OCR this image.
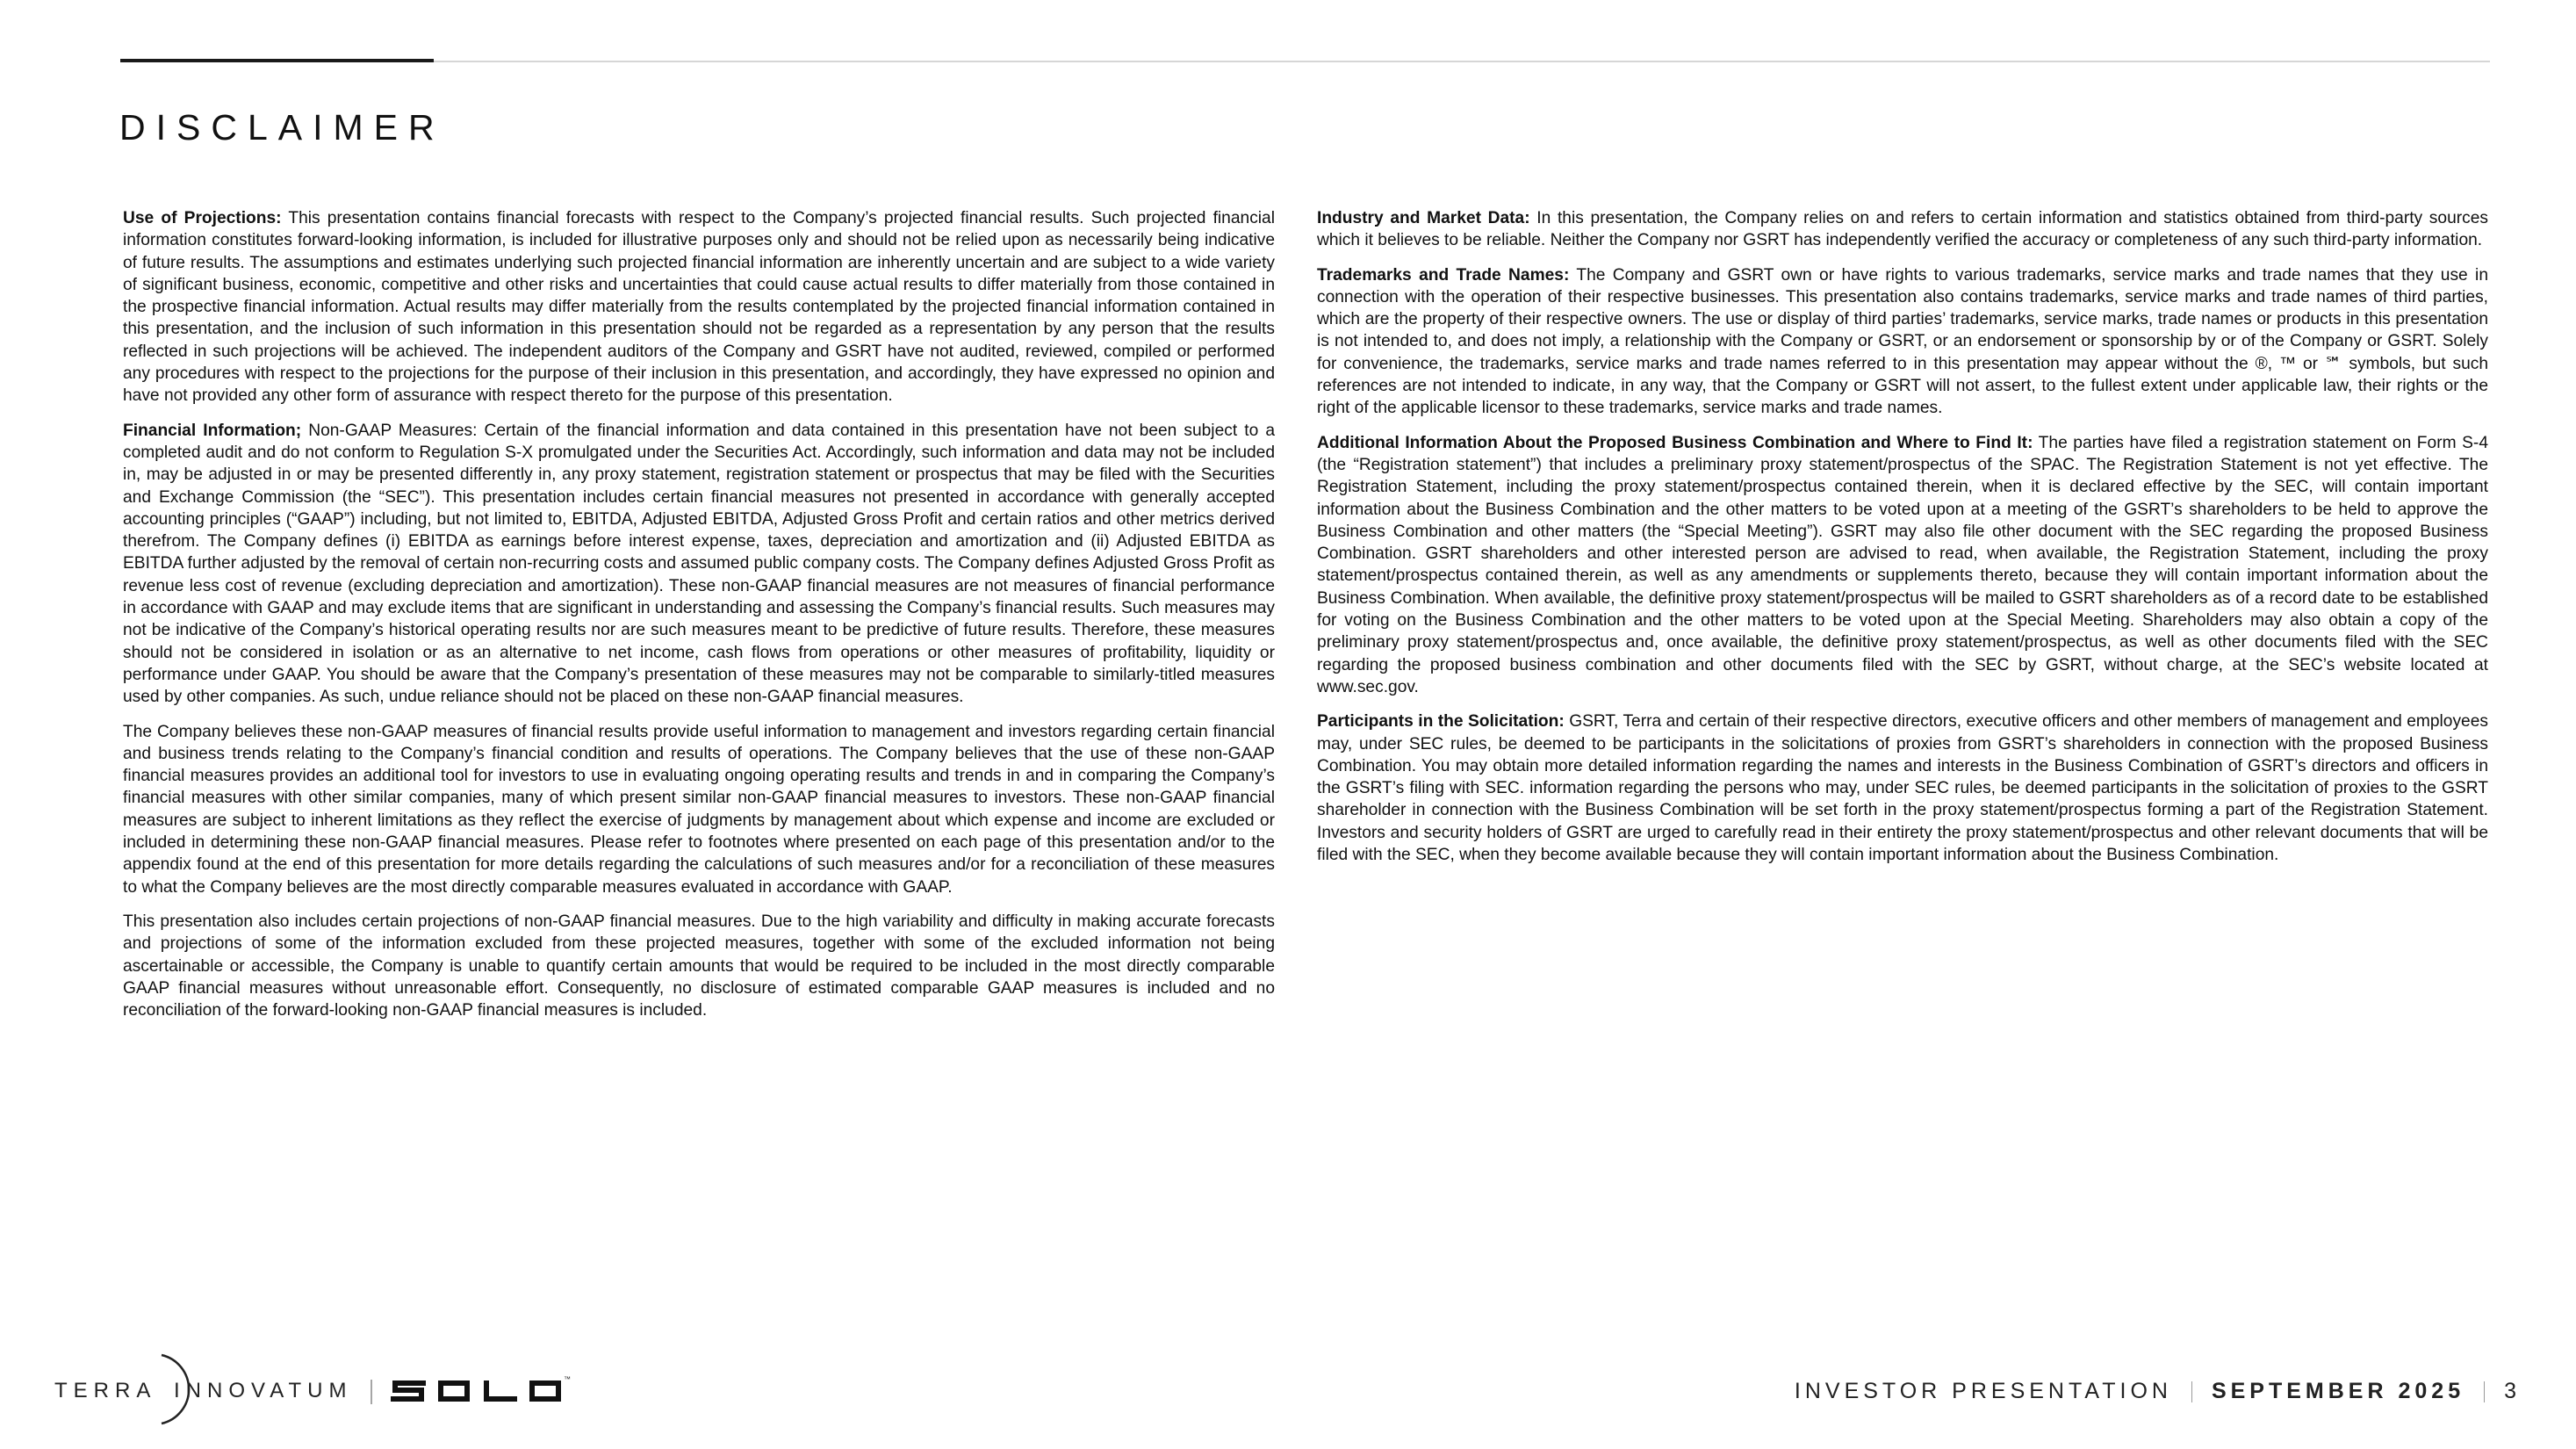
DISCLAIMER

Use of Projections: This presentation contains financial forecasts with respect to the Company’s projected financial results. Such projected financial information constitutes forward-looking information, is included for illustrative purposes only and should not be relied upon as necessarily being indicative of future results. The assumptions and estimates underlying such projected financial information are inherently uncertain and are subject to a wide variety of significant business, economic, competitive and other risks and uncertainties that could cause actual results to differ materially from those contained in the prospective financial information. Actual results may differ materially from the results contemplated by the projected financial information contained in this presentation, and the inclusion of such information in this presentation should not be regarded as a representation by any person that the results reflected in such projections will be achieved. The independent auditors of the Company and GSRT have not audited, reviewed, compiled or performed any procedures with respect to the projections for the purpose of their inclusion in this presentation, and accordingly, they have expressed no opinion and have not provided any other form of assurance with respect thereto for the purpose of this presentation.

Financial Information; Non-GAAP Measures: Certain of the financial information and data contained in this presentation have not been subject to a completed audit and do not conform to Regulation S-X promulgated under the Securities Act. Accordingly, such information and data may not be included in, may be adjusted in or may be presented differently in, any proxy statement, registration statement or prospectus that may be filed with the Securities and Exchange Commission (the “SEC”). This presentation includes certain financial measures not presented in accordance with generally accepted accounting principles (“GAAP”) including, but not limited to, EBITDA, Adjusted EBITDA, Adjusted Gross Profit and certain ratios and other metrics derived therefrom. The Company defines (i) EBITDA as earnings before interest expense, taxes, depreciation and amortization and (ii) Adjusted EBITDA as EBITDA further adjusted by the removal of certain non-recurring costs and assumed public company costs. The Company defines Adjusted Gross Profit as revenue less cost of revenue (excluding depreciation and amortization). These non-GAAP financial measures are not measures of financial performance in accordance with GAAP and may exclude items that are significant in understanding and assessing the Company’s financial results. Such measures may not be indicative of the Company’s historical operating results nor are such measures meant to be predictive of future results. Therefore, these measures should not be considered in isolation or as an alternative to net income, cash flows from operations or other measures of profitability, liquidity or performance under GAAP. You should be aware that the Company’s presentation of these measures may not be comparable to similarly-titled measures used by other companies. As such, undue reliance should not be placed on these non-GAAP financial measures.

The Company believes these non-GAAP measures of financial results provide useful information to management and investors regarding certain financial and business trends relating to the Company’s financial condition and results of operations. The Company believes that the use of these non-GAAP financial measures provides an additional tool for investors to use in evaluating ongoing operating results and trends in and in comparing the Company’s financial measures with other similar companies, many of which present similar non-GAAP financial measures to investors. These non-GAAP financial measures are subject to inherent limitations as they reflect the exercise of judgments by management about which expense and income are excluded or included in determining these non-GAAP financial measures. Please refer to footnotes where presented on each page of this presentation and/or to the appendix found at the end of this presentation for more details regarding the calculations of such measures and/or for a reconciliation of these measures to what the Company believes are the most directly comparable measures evaluated in accordance with GAAP.

This presentation also includes certain projections of non-GAAP financial measures. Due to the high variability and difficulty in making accurate forecasts and projections of some of the information excluded from these projected measures, together with some of the excluded information not being ascertainable or accessible, the Company is unable to quantify certain amounts that would be required to be included in the most directly comparable GAAP financial measures without unreasonable effort. Consequently, no disclosure of estimated comparable GAAP measures is included and no reconciliation of the forward-looking non-GAAP financial measures is included.

Industry and Market Data: In this presentation, the Company relies on and refers to certain information and statistics obtained from third-party sources which it believes to be reliable. Neither the Company nor GSRT has independently verified the accuracy or completeness of any such third-party information.

Trademarks and Trade Names: The Company and GSRT own or have rights to various trademarks, service marks and trade names that they use in connection with the operation of their respective businesses. This presentation also contains trademarks, service marks and trade names of third parties, which are the property of their respective owners. The use or display of third parties’ trademarks, service marks, trade names or products in this presentation is not intended to, and does not imply, a relationship with the Company or GSRT, or an endorsement or sponsorship by or of the Company or GSRT. Solely for convenience, the trademarks, service marks and trade names referred to in this presentation may appear without the ®, ™ or ℠ symbols, but such references are not intended to indicate, in any way, that the Company or GSRT will not assert, to the fullest extent under applicable law, their rights or the right of the applicable licensor to these trademarks, service marks and trade names.

Additional Information About the Proposed Business Combination and Where to Find It: The parties have filed a registration statement on Form S-4 (the “Registration statement”) that includes a preliminary proxy statement/prospectus of the SPAC. The Registration Statement is not yet effective. The Registration Statement, including the proxy statement/prospectus contained therein, when it is declared effective by the SEC, will contain important information about the Business Combination and the other matters to be voted upon at a meeting of the GSRT’s shareholders to be held to approve the Business Combination and other matters (the “Special Meeting”). GSRT may also file other document with the SEC regarding the proposed Business Combination. GSRT shareholders and other interested person are advised to read, when available, the Registration Statement, including the proxy statement/prospectus contained therein, as well as any amendments or supplements thereto, because they will contain important information about the Business Combination. When available, the definitive proxy statement/prospectus will be mailed to GSRT shareholders as of a record date to be established for voting on the Business Combination and the other matters to be voted upon at the Special Meeting. Shareholders may also obtain a copy of the preliminary proxy statement/prospectus and, once available, the definitive proxy statement/prospectus, as well as other documents filed with the SEC regarding the proposed business combination and other documents filed with the SEC by GSRT, without charge, at the SEC’s website located at www.sec.gov.

Participants in the Solicitation: GSRT, Terra and certain of their respective directors, executive officers and other members of management and employees may, under SEC rules, be deemed to be participants in the solicitations of proxies from GSRT’s shareholders in connection with the proposed Business Combination. You may obtain more detailed information regarding the names and interests in the Business Combination of GSRT’s directors and officers in the GSRT’s filing with SEC. information regarding the persons who may, under SEC rules, be deemed participants in the solicitation of proxies to the GSRT shareholder in connection with the Business Combination will be set forth in the proxy statement/prospectus forming a part of the Registration Statement. Investors and security holders of GSRT are urged to carefully read in their entirety the proxy statement/prospectus and other relevant documents that will be filed with the SEC, when they become available because they will contain important information about the Business Combination.

TERRA INNOVATUM	™	INVESTOR PRESENTATION SEPTEMBER 2025 3
